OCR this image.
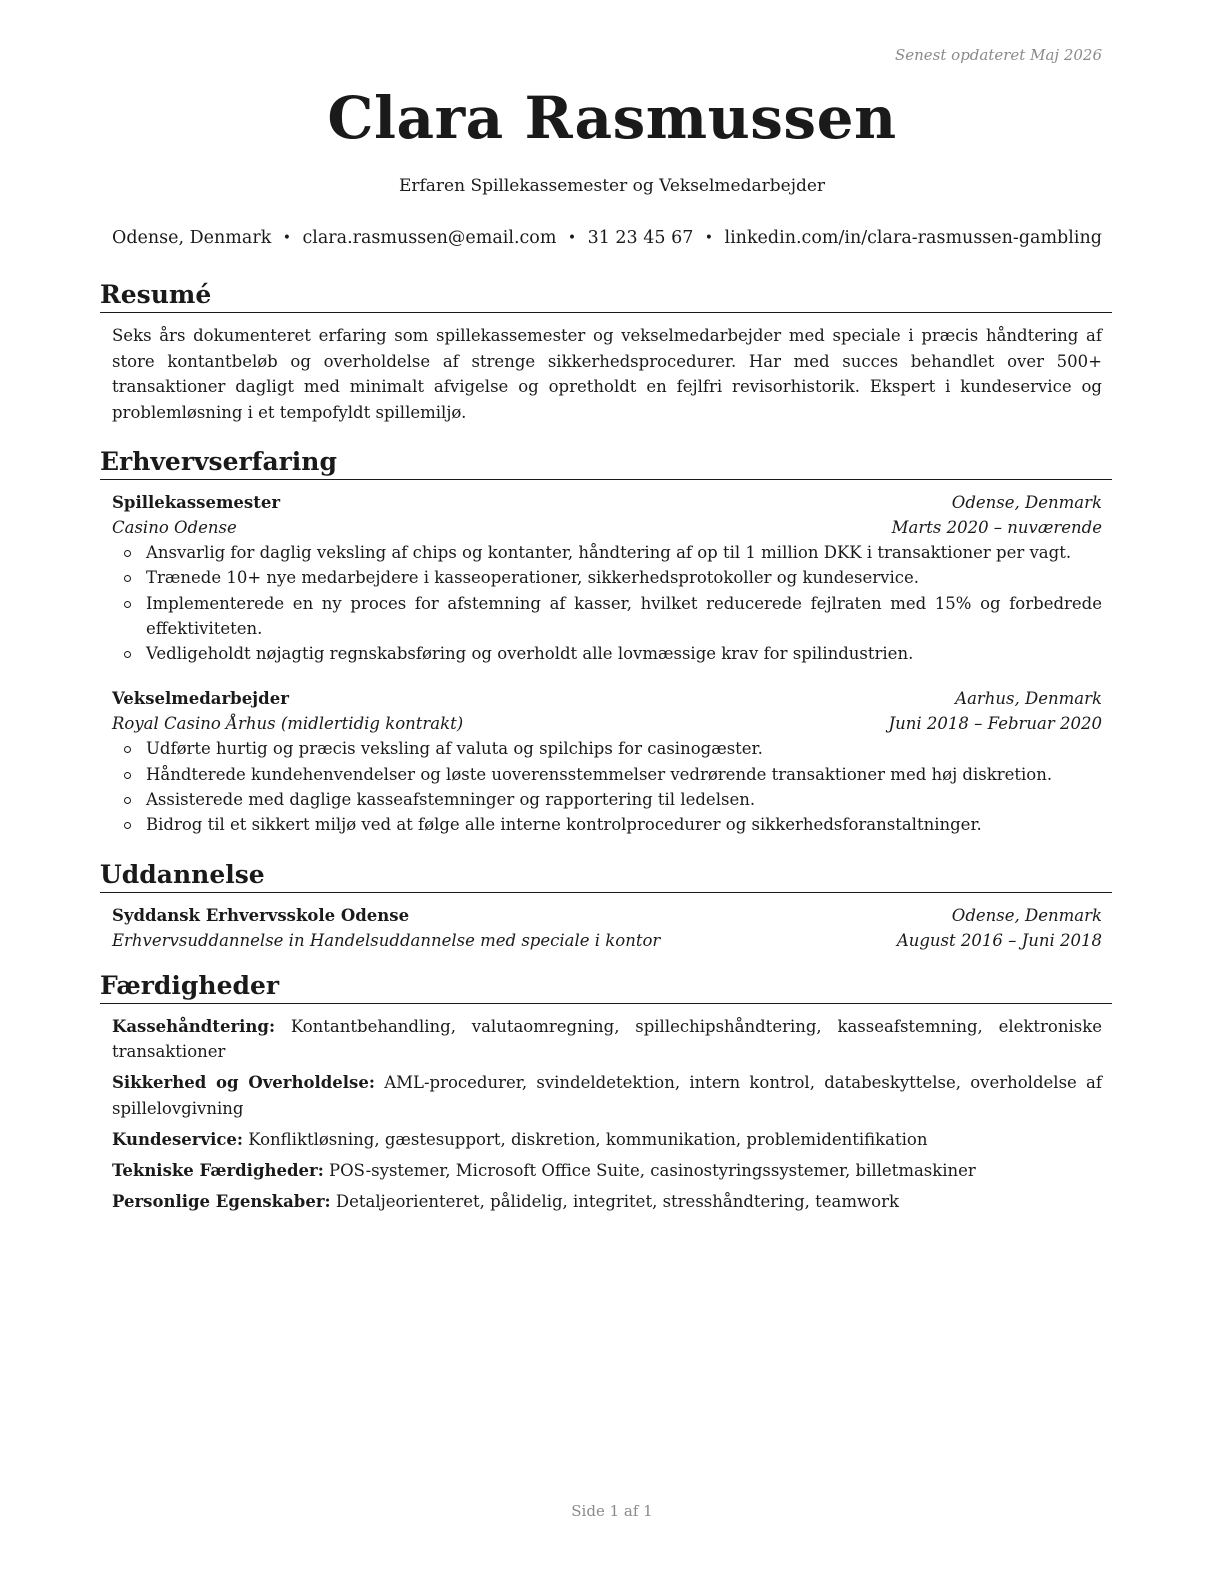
Senest opdateret Maj 2026
Clara Rasmussen
Erfaren Spillekassemester og Vekselmedarbejder
Odense, Denmark • clara.rasmussen@email.com • 31 23 45 67 • linkedin.com/in/clara-rasmussen-gambling
Resumé
Seks års dokumenteret erfaring som spillekassemester og vekselmedarbejder med speciale i præcis håndtering af store kontantbeløb og overholdelse af strenge sikkerhedsprocedurer. Har med succes behandlet over 500+ transaktioner dagligt med minimalt afvigelse og opretholdt en fejlfri revisorhistorik. Ekspert i kundeservice og problemløsning i et tempofyldt spillemiljø.
Erhvervserfaring
Spillekassemester	Odense, Denmark
Casino Odense	Marts 2020 – nuværende
Ansvarlig for daglig veksling af chips og kontanter, håndtering af op til 1 million DKK i transaktioner per vagt.
Trænede 10+ nye medarbejdere i kasseoperationer, sikkerhedsprotokoller og kundeservice.
Implementerede en ny proces for afstemning af kasser, hvilket reducerede fejlraten med 15% og forbedrede effektiviteten.
Vedligeholdt nøjagtig regnskabsføring og overholdt alle lovmæssige krav for spilindustrien.
Vekselmedarbejder	Aarhus, Denmark
Royal Casino Århus (midlertidig kontrakt)	Juni 2018 – Februar 2020
Udførte hurtig og præcis veksling af valuta og spilchips for casinogæster.
Håndterede kundehenvendelser og løste uoverensstemmelser vedrørende transaktioner med høj diskretion.
Assisterede med daglige kasseafstemninger og rapportering til ledelsen.
Bidrog til et sikkert miljø ved at følge alle interne kontrolprocedurer og sikkerhedsforanstaltninger.
Uddannelse
Syddansk Erhvervsskole Odense	Odense, Denmark
Erhvervsuddannelse in Handelsuddannelse med speciale i kontor	August 2016 – Juni 2018
Færdigheder
Kassehåndtering: Kontantbehandling, valutaomregning, spillechipshåndtering, kasseafstemning, elektroniske transaktioner
Sikkerhed og Overholdelse: AML-procedurer, svindeldetektion, intern kontrol, databeskyttelse, overholdelse af spillelovgivning
Kundeservice: Konfliktløsning, gæstesupport, diskretion, kommunikation, problemidentifikation
Tekniske Færdigheder: POS-systemer, Microsoft Office Suite, casinostyringssystemer, billetmaskiner
Personlige Egenskaber: Detaljeorienteret, pålidelig, integritet, stresshåndtering, teamwork
Side 1 af 1
